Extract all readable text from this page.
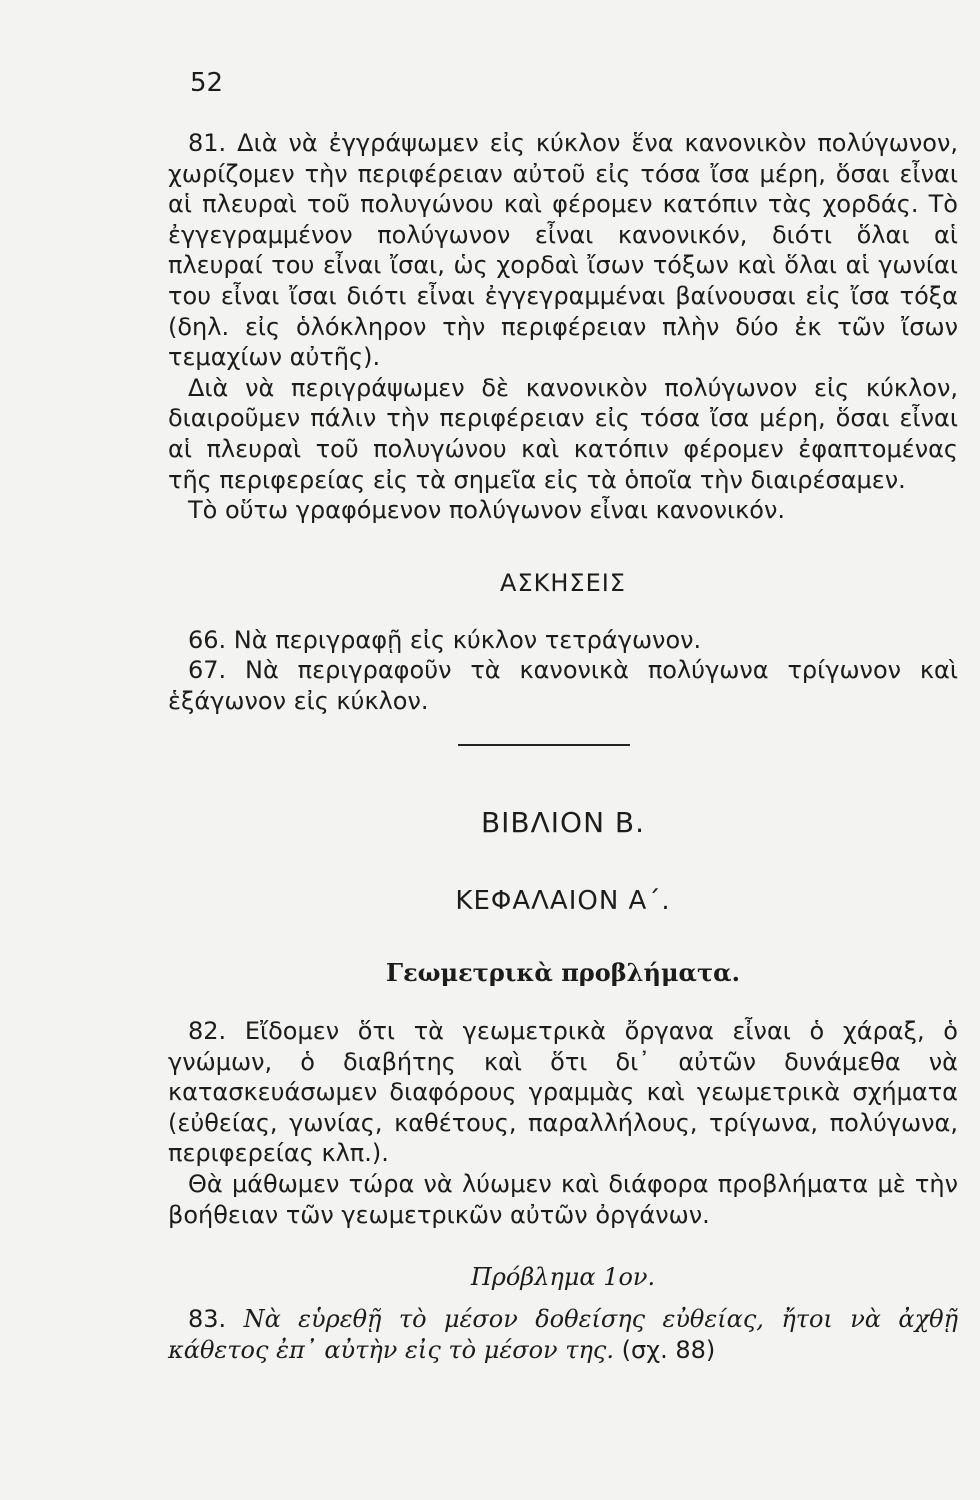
52

81. Διὰ νὰ ἐγγράψωμεν εἰς κύκλον ἕνα κανονικὸν πολύγωνον, χωρίζομεν τὴν περιφέρειαν αὐτοῦ εἰς τόσα ἴσα μέρη, ὅσαι εἶναι αἱ πλευραὶ τοῦ πολυγώνου καὶ φέρομεν κατόπιν τὰς χορδάς. Τὸ ἐγγεγραμμένον πολύγωνον εἶναι κανονικόν, διότι ὅλαι αἱ πλευραί του εἶναι ἴσαι, ὡς χορδαὶ ἴσων τόξων καὶ ὅλαι αἱ γωνίαι του εἶναι ἴσαι διότι εἶναι ἐγγεγραμμέναι βαίνουσαι εἰς ἴσα τόξα (δηλ. εἰς ὁλόκληρον τὴν περιφέρειαν πλὴν δύο ἐκ τῶν ἴσων τεμαχίων αὐτῆς).

Διὰ νὰ περιγράψωμεν δὲ κανονικὸν πολύγωνον εἰς κύκλον, διαιροῦμεν πάλιν τὴν περιφέρειαν εἰς τόσα ἴσα μέρη, ὅσαι εἶναι αἱ πλευραὶ τοῦ πολυγώνου καὶ κατόπιν φέρομεν ἐφαπτομένας τῆς περιφερείας εἰς τὰ σημεῖα εἰς τὰ ὁποῖα τὴν διαιρέσαμεν.

Τὸ οὕτω γραφόμενον πολύγωνον εἶναι κανονικόν.

ΑΣΚΗΣΕΙΣ

66. Νὰ περιγραφῇ εἰς κύκλον τετράγωνον.

67. Νὰ περιγραφοῦν τὰ κανονικὰ πολύγωνα τρίγωνον καὶ ἑξάγωνον εἰς κύκλον.

ΒΙΒΛΙΟΝ Β.

ΚΕΦΑΛΑΙΟΝ Α΄.

Γεωμετρικὰ προβλήματα.

82. Εἴδομεν ὅτι τὰ γεωμετρικὰ ὄργανα εἶναι ὁ χάραξ, ὁ γνώμων, ὁ διαβήτης καὶ ὅτι δι᾽ αὐτῶν δυνάμεθα νὰ κατασκευάσωμεν διαφόρους γραμμὰς καὶ γεωμετρικὰ σχήματα (εὐθείας, γωνίας, καθέτους, παραλλήλους, τρίγωνα, πολύγωνα, περιφερείας κλπ.).

Θὰ μάθωμεν τώρα νὰ λύωμεν καὶ διάφορα προβλήματα μὲ τὴν βοήθειαν τῶν γεωμετρικῶν αὐτῶν ὀργάνων.

Πρόβλημα 1ον.

83. Νὰ εὑρεθῇ τὸ μέσον δοθείσης εὐθείας, ἤτοι νὰ ἀχθῇ κάθετος ἐπ᾽ αὐτὴν εἰς τὸ μέσον της. (σχ. 88)
